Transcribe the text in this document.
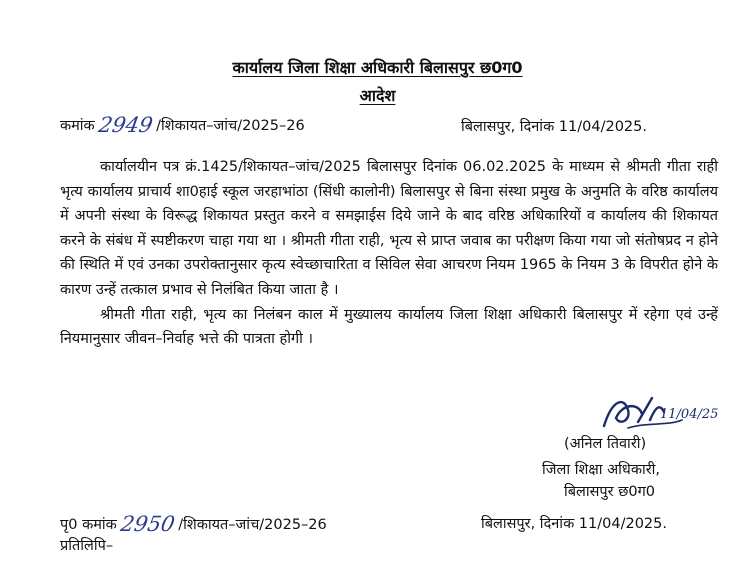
कार्यालय जिला शिक्षा अधिकारी बिलासपुर छ0ग0
आदेश
कमांक2949 /शिकायत–जांच/2025–26	बिलासपुर, दिनांक 11/04/2025.

कार्यालयीन पत्र क्रं.1425/शिकायत–जांच/2025 बिलासपुर दिनांक 06.02.2025 के माध्यम से श्रीमती गीता राही भृत्य कार्यालय प्राचार्य शा0हाई स्कूल जरहाभांठा (सिंधी कालोनी) बिलासपुर से बिना संस्था प्रमुख के अनुमति के वरिष्ठ कार्यालय में अपनी संस्था के विरूद्ध शिकायत प्रस्तुत करने व समझाईस दिये जाने के बाद वरिष्ठ अधिकारियों व कार्यालय की शिकायत करने के संबंध में स्पष्टीकरण चाहा गया था । श्रीमती गीता राही, भृत्य से प्राप्त जवाब का परीक्षण किया गया जो संतोषप्रद न होने की स्थिति में एवं उनका उपरोक्तानुसार कृत्य स्वेच्छाचारिता व सिविल सेवा आचरण नियम 1965 के नियम 3 के विपरीत होने के कारण उन्हें तत्काल प्रभाव से निलंबित किया जाता है ।

श्रीमती गीता राही, भृत्य का निलंबन काल में मुख्यालय कार्यालय जिला शिक्षा अधिकारी बिलासपुर में रहेगा एवं उन्हें नियमानुसार जीवन–निर्वाह भत्ते की पात्रता होगी ।

11/04/25
(अनिल तिवारी)
जिला शिक्षा अधिकारी,
बिलासपुर छ0ग0
पृ0 कमांक2950 /शिकायत–जांच/2025–26	बिलासपुर, दिनांक 11/04/2025.
प्रतिलिपि–
